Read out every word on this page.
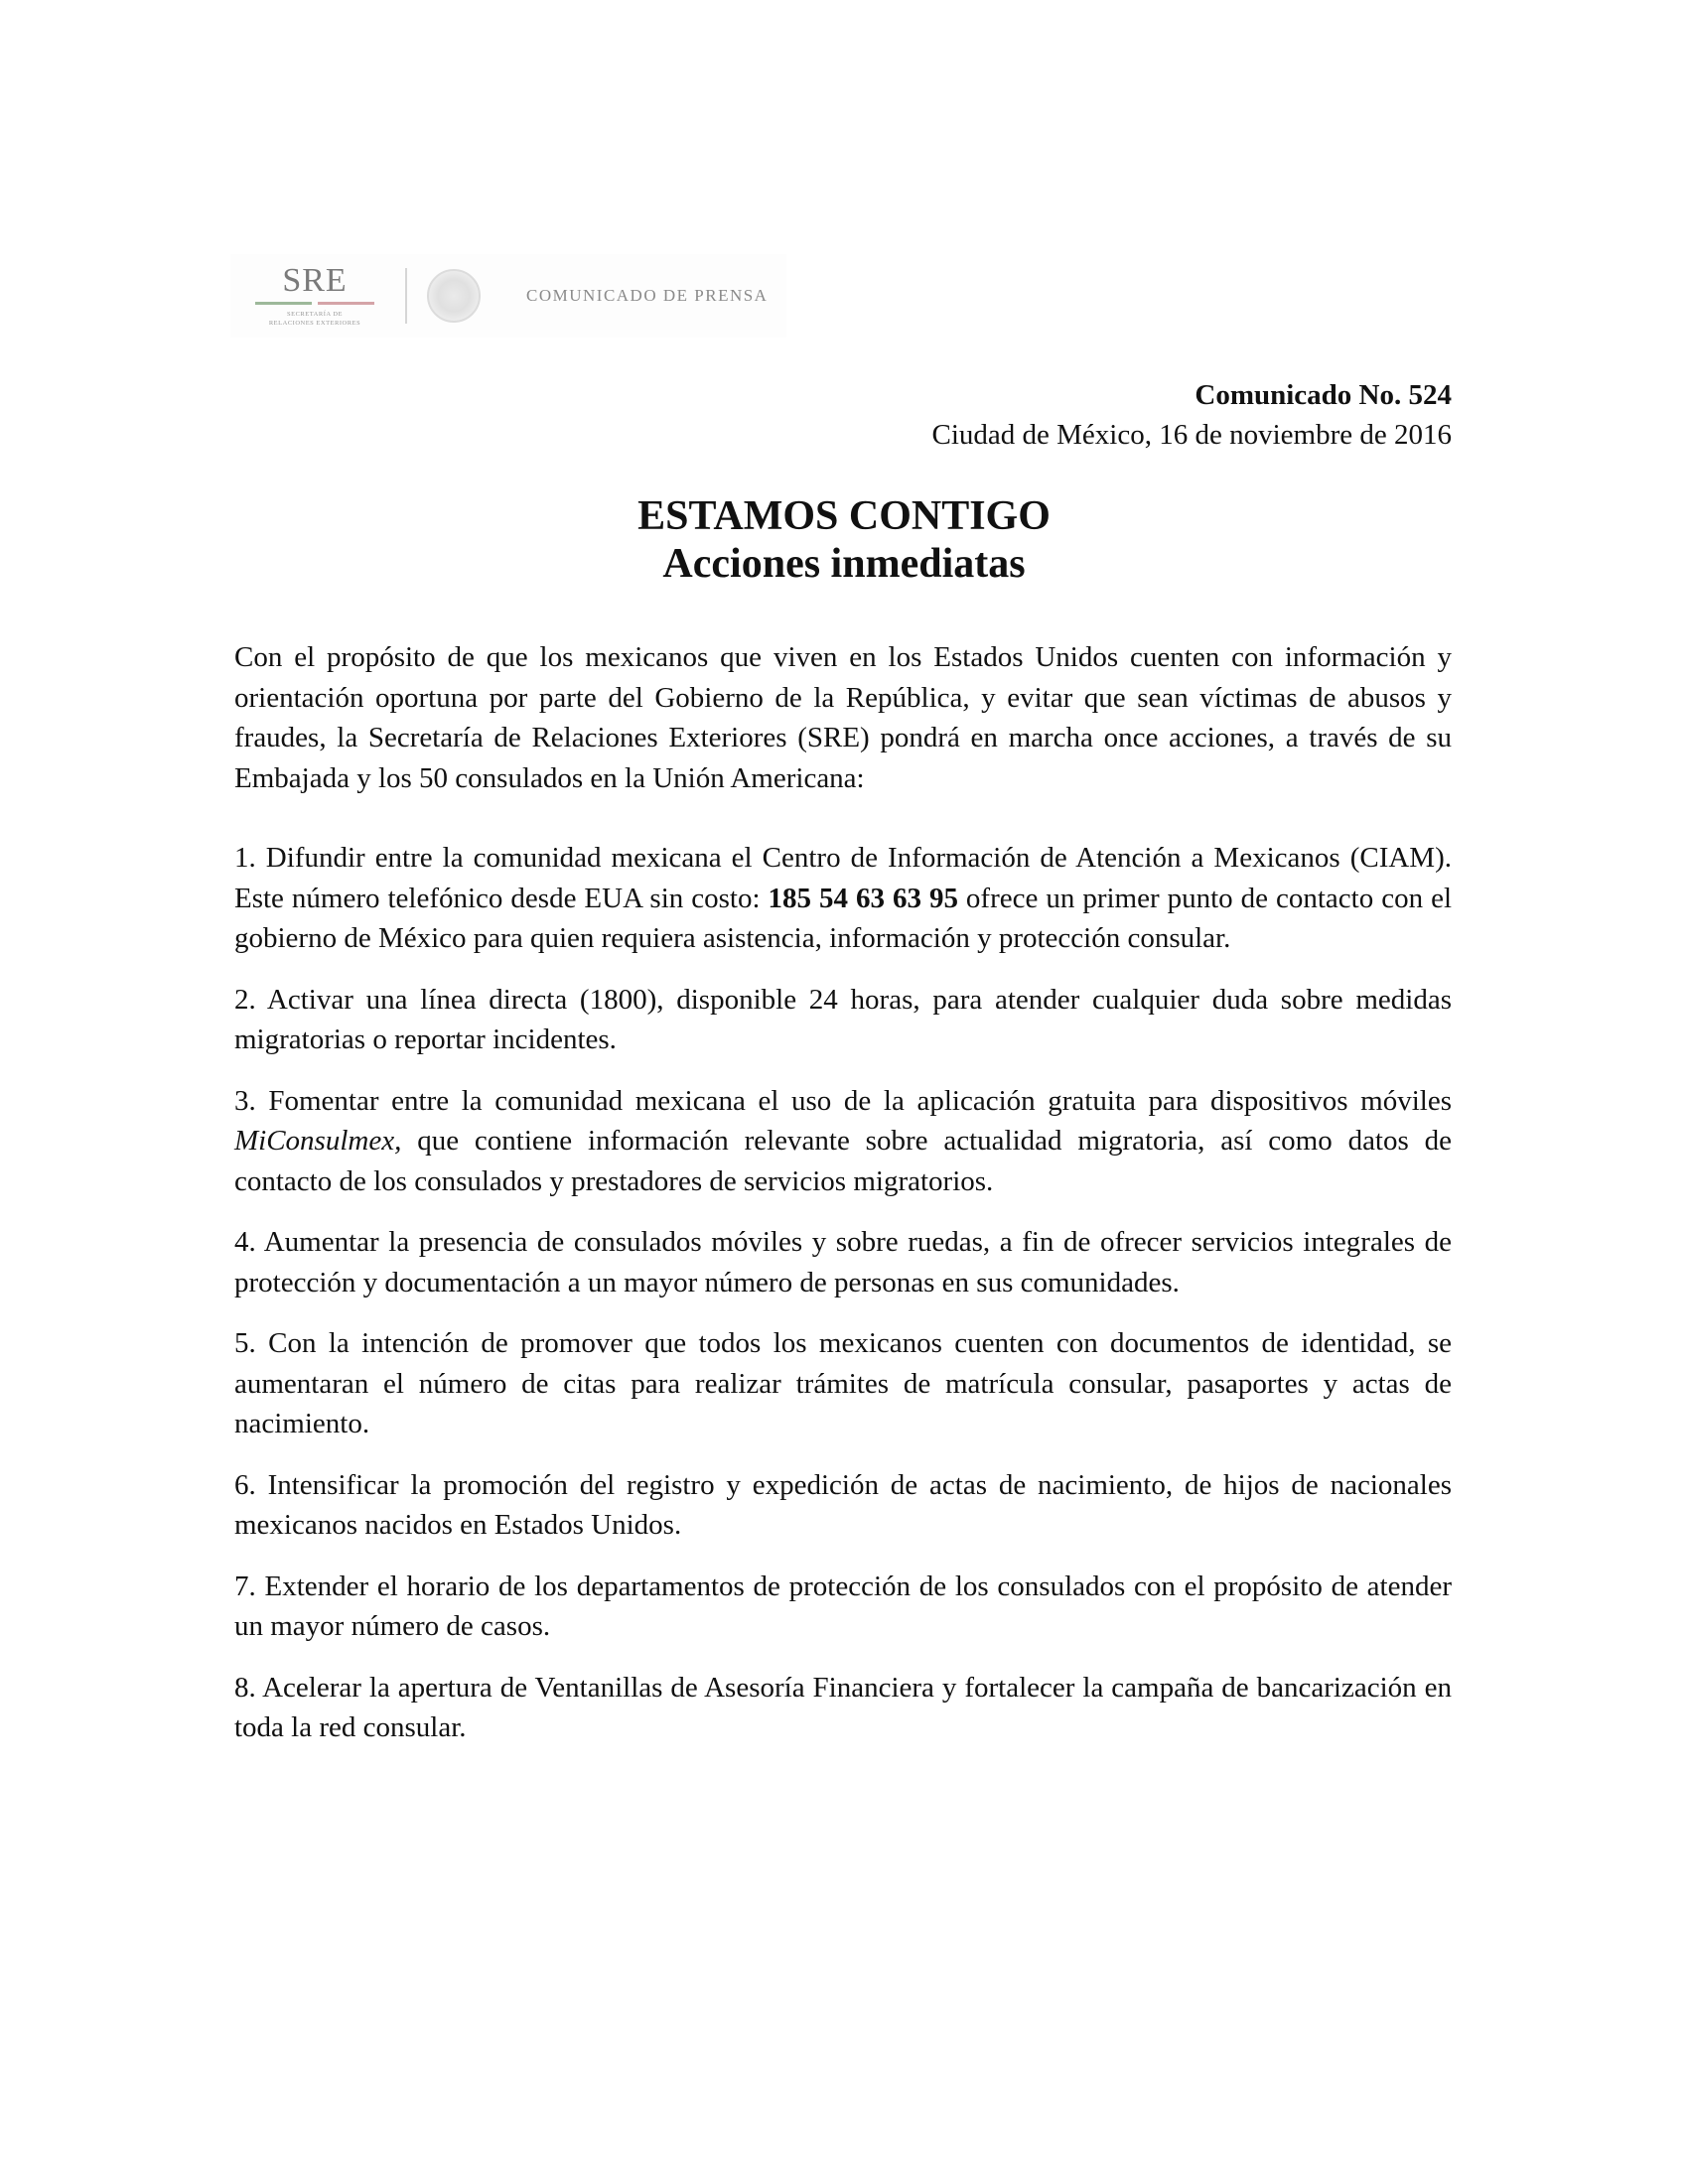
SRE
SECRETARÍA DE
RELACIONES EXTERIORES
COMUNICADO DE PRENSA
Comunicado No. 524
Ciudad de México, 16 de noviembre de 2016
ESTAMOS CONTIGO
Acciones inmediatas

Con el propósito de que los mexicanos que viven en los Estados Unidos cuenten con información y orientación oportuna por parte del Gobierno de la República, y evitar que sean víctimas de abusos y fraudes, la Secretaría de Relaciones Exteriores (SRE) pondrá en marcha once acciones, a través de su Embajada y los 50 consulados en la Unión Americana:

1. Difundir entre la comunidad mexicana el Centro de Información de Atención a Mexicanos (CIAM). Este número telefónico desde EUA sin costo: 185 54 63 63 95 ofrece un primer punto de contacto con el gobierno de México para quien requiera asistencia, información y protección consular.

2. Activar una línea directa (1800), disponible 24 horas, para atender cualquier duda sobre medidas migratorias o reportar incidentes.

3. Fomentar entre la comunidad mexicana el uso de la aplicación gratuita para dispositivos móviles MiConsulmex, que contiene información relevante sobre actualidad migratoria, así como datos de contacto de los consulados y prestadores de servicios migratorios.

4. Aumentar la presencia de consulados móviles y sobre ruedas, a fin de ofrecer servicios integrales de protección y documentación a un mayor número de personas en sus comunidades.

5. Con la intención de promover que todos los mexicanos cuenten con documentos de identidad, se aumentaran el número de citas para realizar trámites de matrícula consular, pasaportes y actas de nacimiento.

6. Intensificar la promoción del registro y expedición de actas de nacimiento, de hijos de nacionales mexicanos nacidos en Estados Unidos.

7. Extender el horario de los departamentos de protección de los consulados con el propósito de atender un mayor número de casos.

8. Acelerar la apertura de Ventanillas de Asesoría Financiera y fortalecer la campaña de bancarización en toda la red consular.
